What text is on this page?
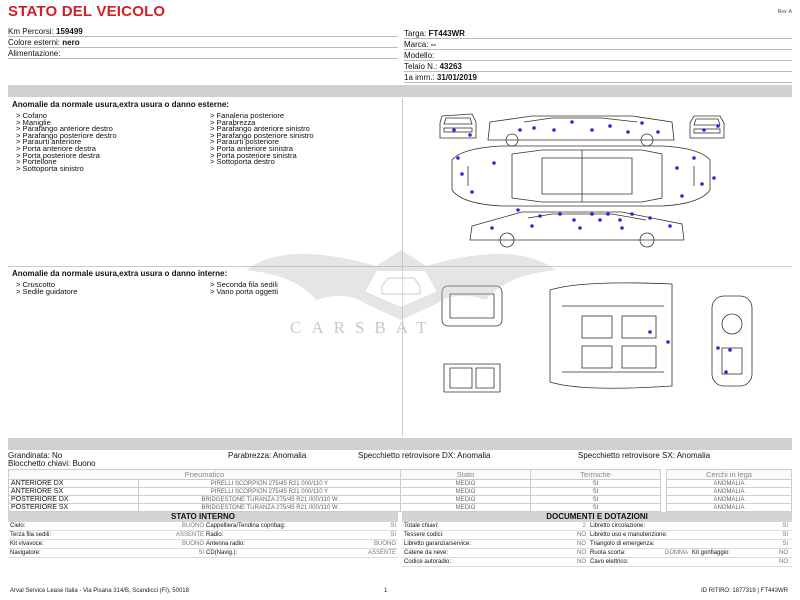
STATO DEL VEICOLO	Rev. A
Km Percorsi: 159499
Colore esterni: nero
Alimentazione:
Targa: FT443WR
Marca: --
Modello:
Telaio N.: 43263
1a imm.: 31/01/2019
Anomalie da normale usura,extra usura o danno esterne:
> Cofano
> Maniglie
> Parafango anteriore destro
> Parafango posteriore destro
> Paraurti anteriore
> Porta anteriore destra
> Porta posteriore destra
> Portellone
> Sottoporta sinistro
> Fanaleria posteriore
> Parabrezza
> Parafango anteriore sinistro
> Parafango posteriore sinistro
> Paraurti posteriore
> Porta anteriore sinistra
> Porta posteriore sinistra
> Sottoporta destro
Anomalie da normale usura,extra usura o danno interne:
> Cruscotto
> Sedile guidatore
> Seconda fila sedili
> Vano porta oggetti
CARSBAT
Grandinata: No	Parabrezza: Anomalia	Specchietto retrovisore DX: Anomalia	Specchietto retrovisore SX: Anomalia
Blocchetto chiavi: Buono
Pneumatico		Stato	Termiche		Cerchi in lega
ANTERIORE DX	PIRELLI SCORPION 275/45 R21 000/110 Y	MEDIO	SI		ANOMALIA
ANTERIORE SX	PIRELLI SCORPION 275/45 R21 000/110 Y	MEDIO	SI		ANOMALIA
POSTERIORE DX	BRIDGESTONE TURANZA 275/45 R21 000/110 W	MEDIO	SI		ANOMALIA
POSTERIORE SX	BRIDGESTONE TURANZA 275/45 R21 000/110 W	MEDIO	SI		ANOMALIA
STATO INTERNO
Cielo:	BUONO Cappelliera/Tendina copribag:	SI
Terza fila sedili:	ASSENTE Radio:	SI
Kit vivavoce:	BUONO Antenna radio:	BUONO
Navigatore:	SI CD(Navig.):	ASSENTE
DOCUMENTI E DOTAZIONI
Totale chiavi:	2 Libretto circolazione:	SI
Tessere codici:	NO Libretto uso e manutenzione:	SI
Libretto garanzia/service:	NO Triangolo di emergenza:	SI
Catene da neve:	NO Ruota scorta:	GOMMA Kit gonfiaggio:	NO
Codice autoradio:	NO Cavo elettrico:	NO
Arval Service Lease Italia - Via Pisana 314/B, Scandicci (FI), 50018	1	ID RITIRO: 1877319 | FT443WR
